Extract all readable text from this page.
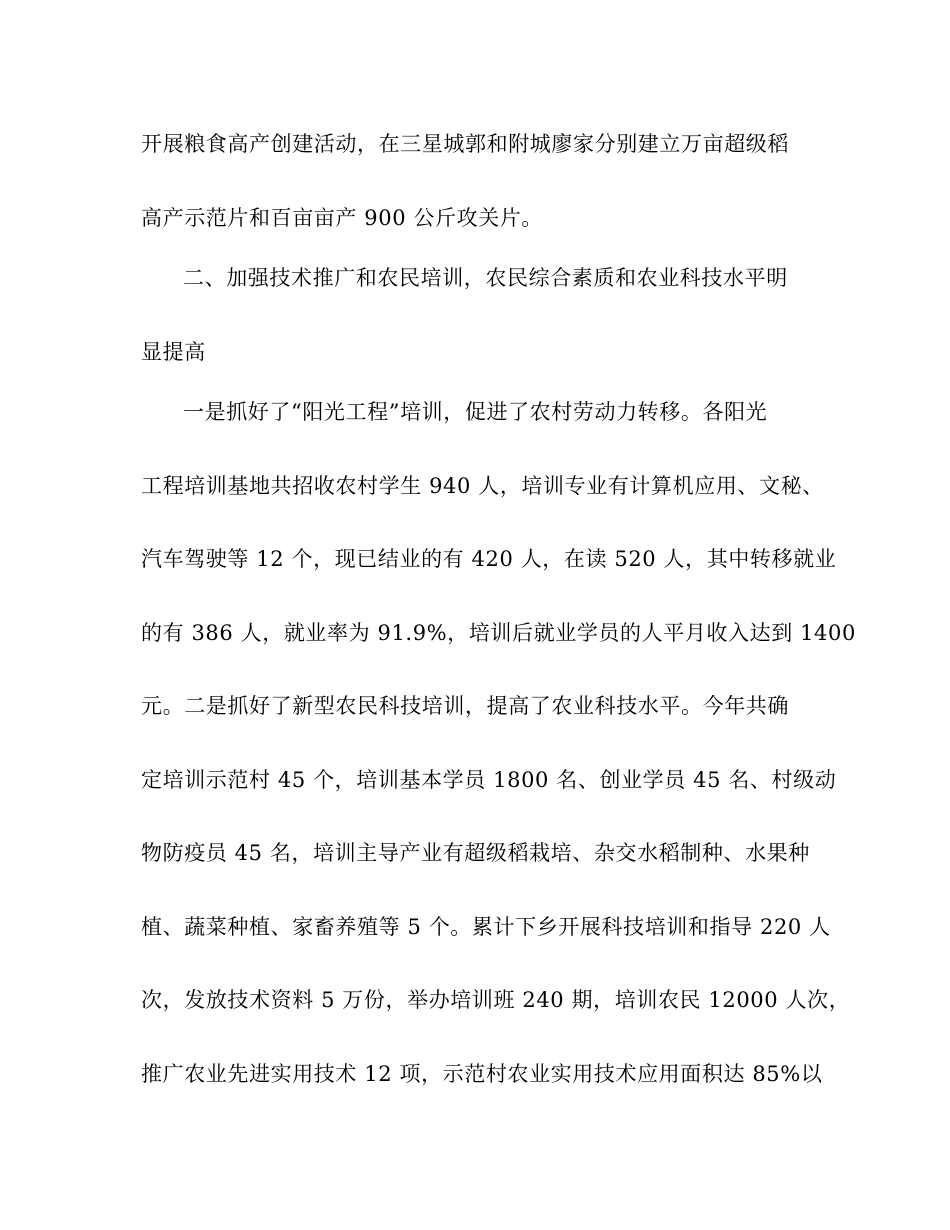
开展粮食高产创建活动，在三星城郭和附城廖家分别建立万亩超级稻
高产示范片和百亩亩产 900 公斤攻关片。
二、加强技术推广和农民培训，农民综合素质和农业科技水平明
显提高
一是抓好了“阳光工程”培训，促进了农村劳动力转移。各阳光
工程培训基地共招收农村学生 940 人，培训专业有计算机应用、文秘、
汽车驾驶等 12 个，现已结业的有 420 人，在读 520 人，其中转移就业
的有 386 人，就业率为 91.9%，培训后就业学员的人平月收入达到 1400
元。二是抓好了新型农民科技培训，提高了农业科技水平。今年共确
定培训示范村 45 个，培训基本学员 1800 名、创业学员 45 名、村级动
物防疫员 45 名，培训主导产业有超级稻栽培、杂交水稻制种、水果种
植、蔬菜种植、家畜养殖等 5 个。累计下乡开展科技培训和指导 220 人
次，发放技术资料 5 万份，举办培训班 240 期，培训农民 12000 人次，
推广农业先进实用技术 12 项，示范村农业实用技术应用面积达 85%以
